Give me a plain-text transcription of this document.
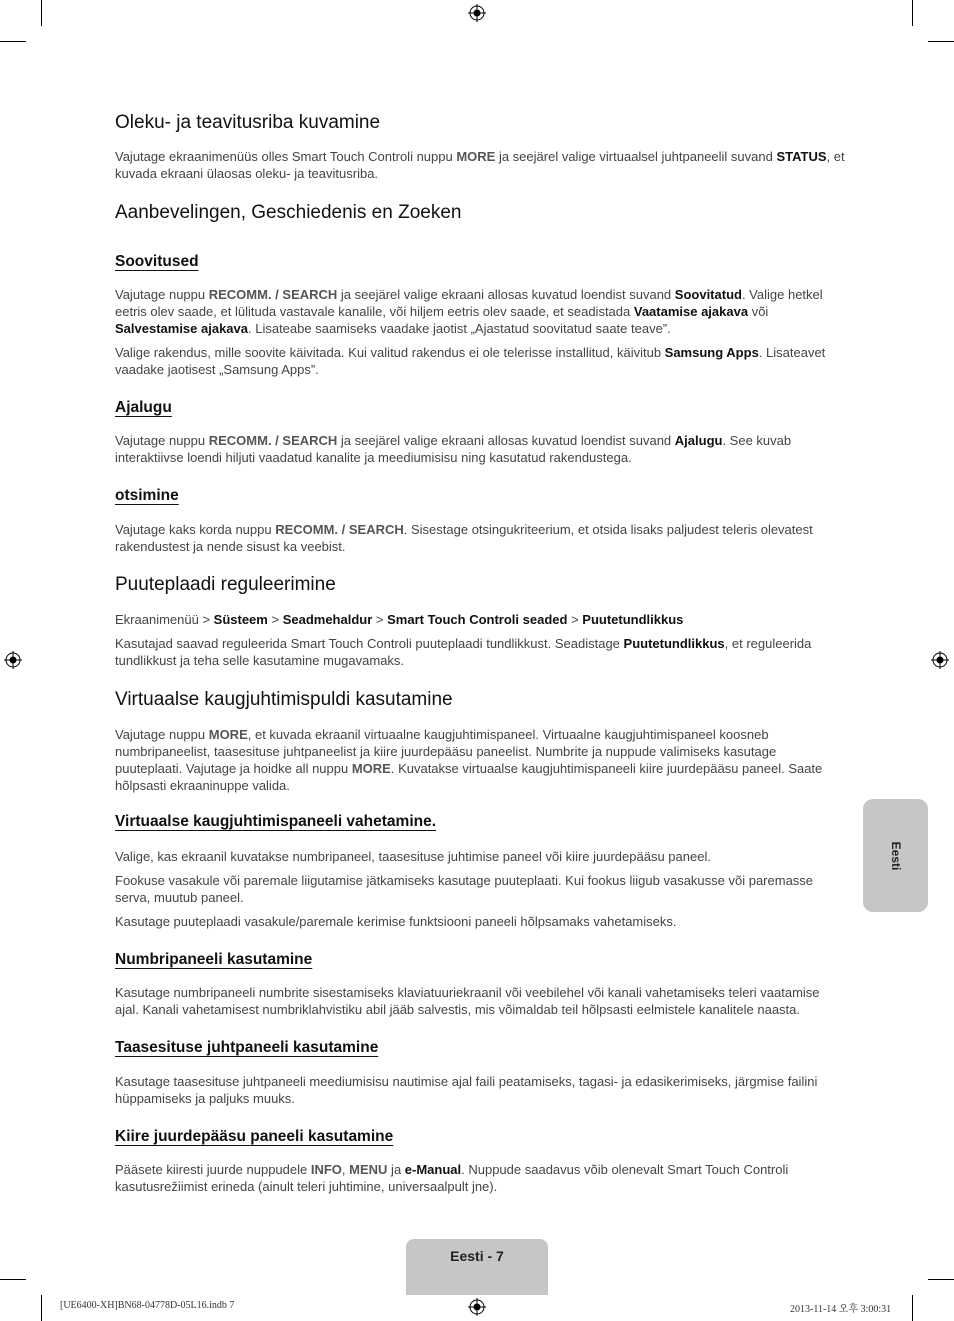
Oleku- ja teavitusriba kuvamine

Vajutage ekraanimenüüs olles Smart Touch Controli nuppu MORE ja seejärel valige virtuaalsel juhtpaneelil suvand STATUS, et kuvada ekraani ülaosas oleku- ja teavitusriba.

Aanbevelingen, Geschiedenis en Zoeken
Soovitused

Vajutage nuppu RECOMM. / SEARCH ja seejärel valige ekraani allosas kuvatud loendist suvand Soovitatud. Valige hetkel eetris olev saade, et lülituda vastavale kanalile, või hiljem eetris olev saade, et seadistada Vaatamise ajakava või Salvestamise ajakava. Lisateabe saamiseks vaadake jaotist „Ajastatud soovitatud saate teave”.

Valige rakendus, mille soovite käivitada. Kui valitud rakendus ei ole telerisse installitud, käivitub Samsung Apps. Lisateavet vaadake jaotisest „Samsung Apps”.

Ajalugu

Vajutage nuppu RECOMM. / SEARCH ja seejärel valige ekraani allosas kuvatud loendist suvand Ajalugu. See kuvab interaktiivse loendi hiljuti vaadatud kanalite ja meediumisisu ning kasutatud rakendustega.

otsimine

Vajutage kaks korda nuppu RECOMM. / SEARCH. Sisestage otsingukriteerium, et otsida lisaks paljudest teleris olevatest rakendustest ja nende sisust ka veebist.

Puuteplaadi reguleerimine

Ekraanimenüü > Süsteem > Seadmehaldur > Smart Touch Controli seaded > Puutetundlikkus

Kasutajad saavad reguleerida Smart Touch Controli puuteplaadi tundlikkust. Seadistage Puutetundlikkus, et reguleerida tundlikkust ja teha selle kasutamine mugavamaks.

Virtuaalse kaugjuhtimispuldi kasutamine

Vajutage nuppu MORE, et kuvada ekraanil virtuaalne kaugjuhtimispaneel. Virtuaalne kaugjuhtimispaneel koosneb numbripaneelist, taasesituse juhtpaneelist ja kiire juurdepääsu paneelist. Numbrite ja nuppude valimiseks kasutage puuteplaati. Vajutage ja hoidke all nuppu MORE. Kuvatakse virtuaalse kaugjuhtimispaneeli kiire juurdepääsu paneel. Saate hõlpsasti ekraaninuppe valida.

Virtuaalse kaugjuhtimispaneeli vahetamine.

Valige, kas ekraanil kuvatakse numbripaneel, taasesituse juhtimise paneel või kiire juurdepääsu paneel.

Fookuse vasakule või paremale liigutamise jätkamiseks kasutage puuteplaati. Kui fookus liigub vasakusse või paremasse serva, muutub paneel.

Kasutage puuteplaadi vasakule/paremale kerimise funktsiooni paneeli hõlpsamaks vahetamiseks.

Numbripaneeli kasutamine

Kasutage numbripaneeli numbrite sisestamiseks klaviatuuriekraanil või veebilehel või kanali vahetamiseks teleri vaatamise ajal. Kanali vahetamisest numbriklahvistiku abil jääb salvestis, mis võimaldab teil hõlpsasti eelmistele kanalitele naasta.

Taasesituse juhtpaneeli kasutamine

Kasutage taasesituse juhtpaneeli meediumisisu nautimise ajal faili peatamiseks, tagasi- ja edasikerimiseks, järgmise failini hüppamiseks ja paljuks muuks.

Kiire juurdepääsu paneeli kasutamine

Pääsete kiiresti juurde nuppudele INFO, MENU ja e-Manual. Nuppude saadavus võib olenevalt Smart Touch Controli kasutusrežiimist erineda (ainult teleri juhtimine, universaalpult jne).

Eesti
Eesti - 7
[UE6400-XH]BN68-04778D-05L16.indb 7	2013-11-14 오후 3:00:31
